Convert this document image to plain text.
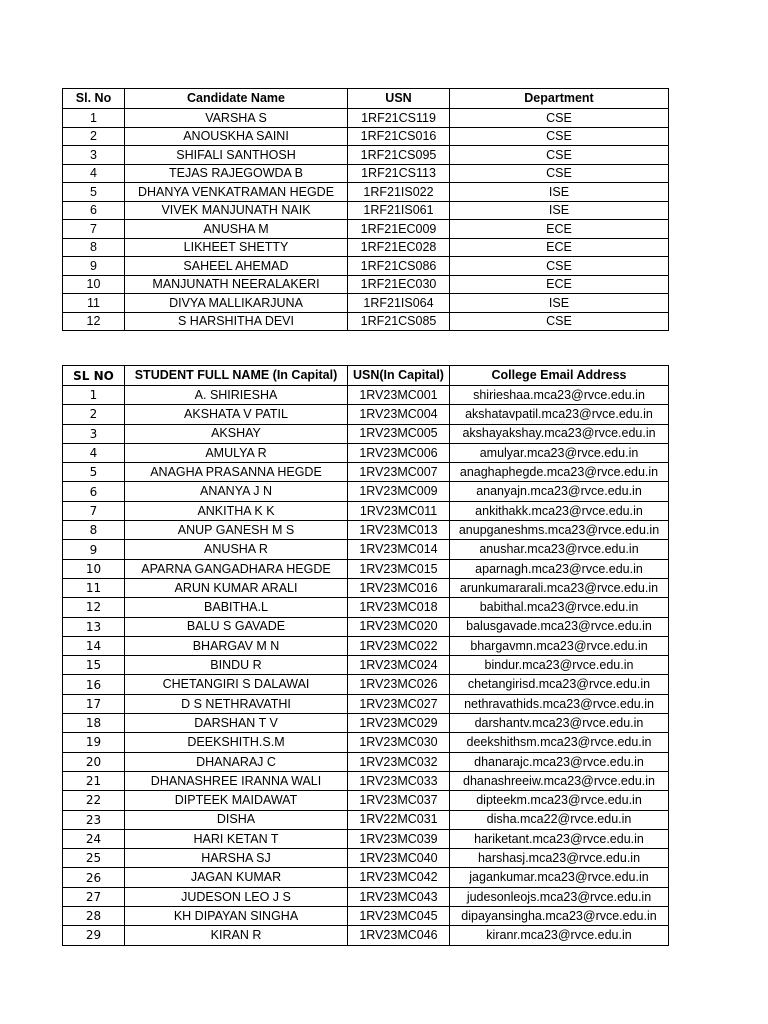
Sl. No	Candidate Name	USN	Department
1	VARSHA S	1RF21CS119	CSE
2	ANOUSKHA SAINI	1RF21CS016	CSE
3	SHIFALI SANTHOSH	1RF21CS095	CSE
4	TEJAS RAJEGOWDA B	1RF21CS113	CSE
5	DHANYA VENKATRAMAN HEGDE	1RF21IS022	ISE
6	VIVEK MANJUNATH NAIK	1RF21IS061	ISE
7	ANUSHA M	1RF21EC009	ECE
8	LIKHEET SHETTY	1RF21EC028	ECE
9	SAHEEL AHEMAD	1RF21CS086	CSE
10	MANJUNATH NEERALAKERI	1RF21EC030	ECE
11	DIVYA MALLIKARJUNA	1RF21IS064	ISE
12	S HARSHITHA DEVI	1RF21CS085	CSE
SL NO	STUDENT FULL NAME (In Capital)	USN(In Capital)	College Email Address
1	A. SHIRIESHA	1RV23MC001	shirieshaa.mca23@rvce.edu.in
2	AKSHATA V PATIL	1RV23MC004	akshatavpatil.mca23@rvce.edu.in
3	AKSHAY	1RV23MC005	akshayakshay.mca23@rvce.edu.in
4	AMULYA R	1RV23MC006	amulyar.mca23@rvce.edu.in
5	ANAGHA PRASANNA HEGDE	1RV23MC007	anaghaphegde.mca23@rvce.edu.in
6	ANANYA J N	1RV23MC009	ananyajn.mca23@rvce.edu.in
7	ANKITHA K K	1RV23MC011	ankithakk.mca23@rvce.edu.in
8	ANUP GANESH M S	1RV23MC013	anupganeshms.mca23@rvce.edu.in
9	ANUSHA R	1RV23MC014	anushar.mca23@rvce.edu.in
10	APARNA GANGADHARA HEGDE	1RV23MC015	aparnagh.mca23@rvce.edu.in
11	ARUN KUMAR ARALI	1RV23MC016	arunkumararali.mca23@rvce.edu.in
12	BABITHA.L	1RV23MC018	babithal.mca23@rvce.edu.in
13	BALU S GAVADE	1RV23MC020	balusgavade.mca23@rvce.edu.in
14	BHARGAV M N	1RV23MC022	bhargavmn.mca23@rvce.edu.in
15	BINDU R	1RV23MC024	bindur.mca23@rvce.edu.in
16	CHETANGIRI S DALAWAI	1RV23MC026	chetangirisd.mca23@rvce.edu.in
17	D S NETHRAVATHI	1RV23MC027	nethravathids.mca23@rvce.edu.in
18	DARSHAN T V	1RV23MC029	darshantv.mca23@rvce.edu.in
19	DEEKSHITH.S.M	1RV23MC030	deekshithsm.mca23@rvce.edu.in
20	DHANARAJ C	1RV23MC032	dhanarajc.mca23@rvce.edu.in
21	DHANASHREE IRANNA WALI	1RV23MC033	dhanashreeiw.mca23@rvce.edu.in
22	DIPTEEK MAIDAWAT	1RV23MC037	dipteekm.mca23@rvce.edu.in
23	DISHA	1RV22MC031	disha.mca22@rvce.edu.in
24	HARI KETAN T	1RV23MC039	hariketant.mca23@rvce.edu.in
25	HARSHA SJ	1RV23MC040	harshasj.mca23@rvce.edu.in
26	JAGAN KUMAR	1RV23MC042	jagankumar.mca23@rvce.edu.in
27	JUDESON LEO J S	1RV23MC043	judesonleojs.mca23@rvce.edu.in
28	KH DIPAYAN SINGHA	1RV23MC045	dipayansingha.mca23@rvce.edu.in
29	KIRAN R	1RV23MC046	kiranr.mca23@rvce.edu.in
